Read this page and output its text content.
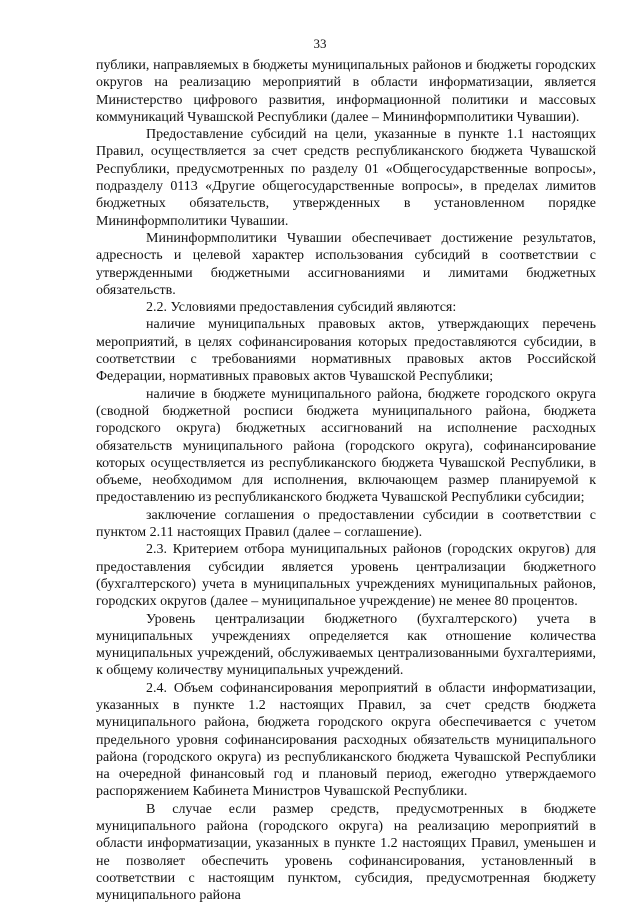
33

публики, направляемых в бюджеты муниципальных районов и бюджеты городских округов на реализацию мероприятий в области информатизации, является Министерство цифрового развития, информационной политики и массовых коммуникаций Чувашской Республики (далее – Мининформполитики Чувашии).

Предоставление субсидий на цели, указанные в пункте 1.1 настоящих Правил, осуществляется за счет средств республиканского бюджета Чувашской Республики, предусмотренных по разделу 01 «Общегосударственные вопросы», подразделу 0113 «Другие общегосударственные вопросы», в пределах лимитов бюджетных обязательств, утвержденных в установленном порядке Мининформполитики Чувашии.

Мининформполитики Чувашии обеспечивает достижение результатов, адресность и целевой характер использования субсидий в соответствии с утвержденными бюджетными ассигнованиями и лимитами бюджетных обязательств.

2.2. Условиями предоставления субсидий являются:

наличие муниципальных правовых актов, утверждающих перечень мероприятий, в целях софинансирования которых предоставляются субсидии, в соответствии с требованиями нормативных правовых актов Российской Федерации, нормативных правовых актов Чувашской Республики;

наличие в бюджете муниципального района, бюджете городского округа (сводной бюджетной росписи бюджета муниципального района, бюджета городского округа) бюджетных ассигнований на исполнение расходных обязательств муниципального района (городского округа), софинансирование которых осуществляется из республиканского бюджета Чувашской Республики, в объеме, необходимом для исполнения, включающем размер планируемой к предоставлению из республиканского бюджета Чувашской Республики субсидии;

заключение соглашения о предоставлении субсидии в соответствии с пунктом 2.11 настоящих Правил (далее – соглашение).

2.3. Критерием отбора муниципальных районов (городских округов) для предоставления субсидии является уровень централизации бюджетного (бухгалтерского) учета в муниципальных учреждениях муниципальных районов, городских округов (далее – муниципальное учреждение) не менее 80 процентов.

Уровень централизации бюджетного (бухгалтерского) учета в муниципальных учреждениях определяется как отношение количества муниципальных учреждений, обслуживаемых централизованными бухгалтериями, к общему количеству муниципальных учреждений.

2.4. Объем софинансирования мероприятий в области информатизации, указанных в пункте 1.2 настоящих Правил, за счет средств бюджета муниципального района, бюджета городского округа обеспечивается с учетом предельного уровня софинансирования расходных обязательств муниципального района (городского округа) из республиканского бюджета Чувашской Республики на очередной финансовый год и плановый период, ежегодно утверждаемого распоряжением Кабинета Министров Чувашской Республики.

В случае если размер средств, предусмотренных в бюджете муниципального района (городского округа) на реализацию мероприятий в области информатизации, указанных в пункте 1.2 настоящих Правил, уменьшен и не позволяет обеспечить уровень софинансирования, установленный в соответствии с настоящим пунктом, субсидия, предусмотренная бюджету муниципального района
